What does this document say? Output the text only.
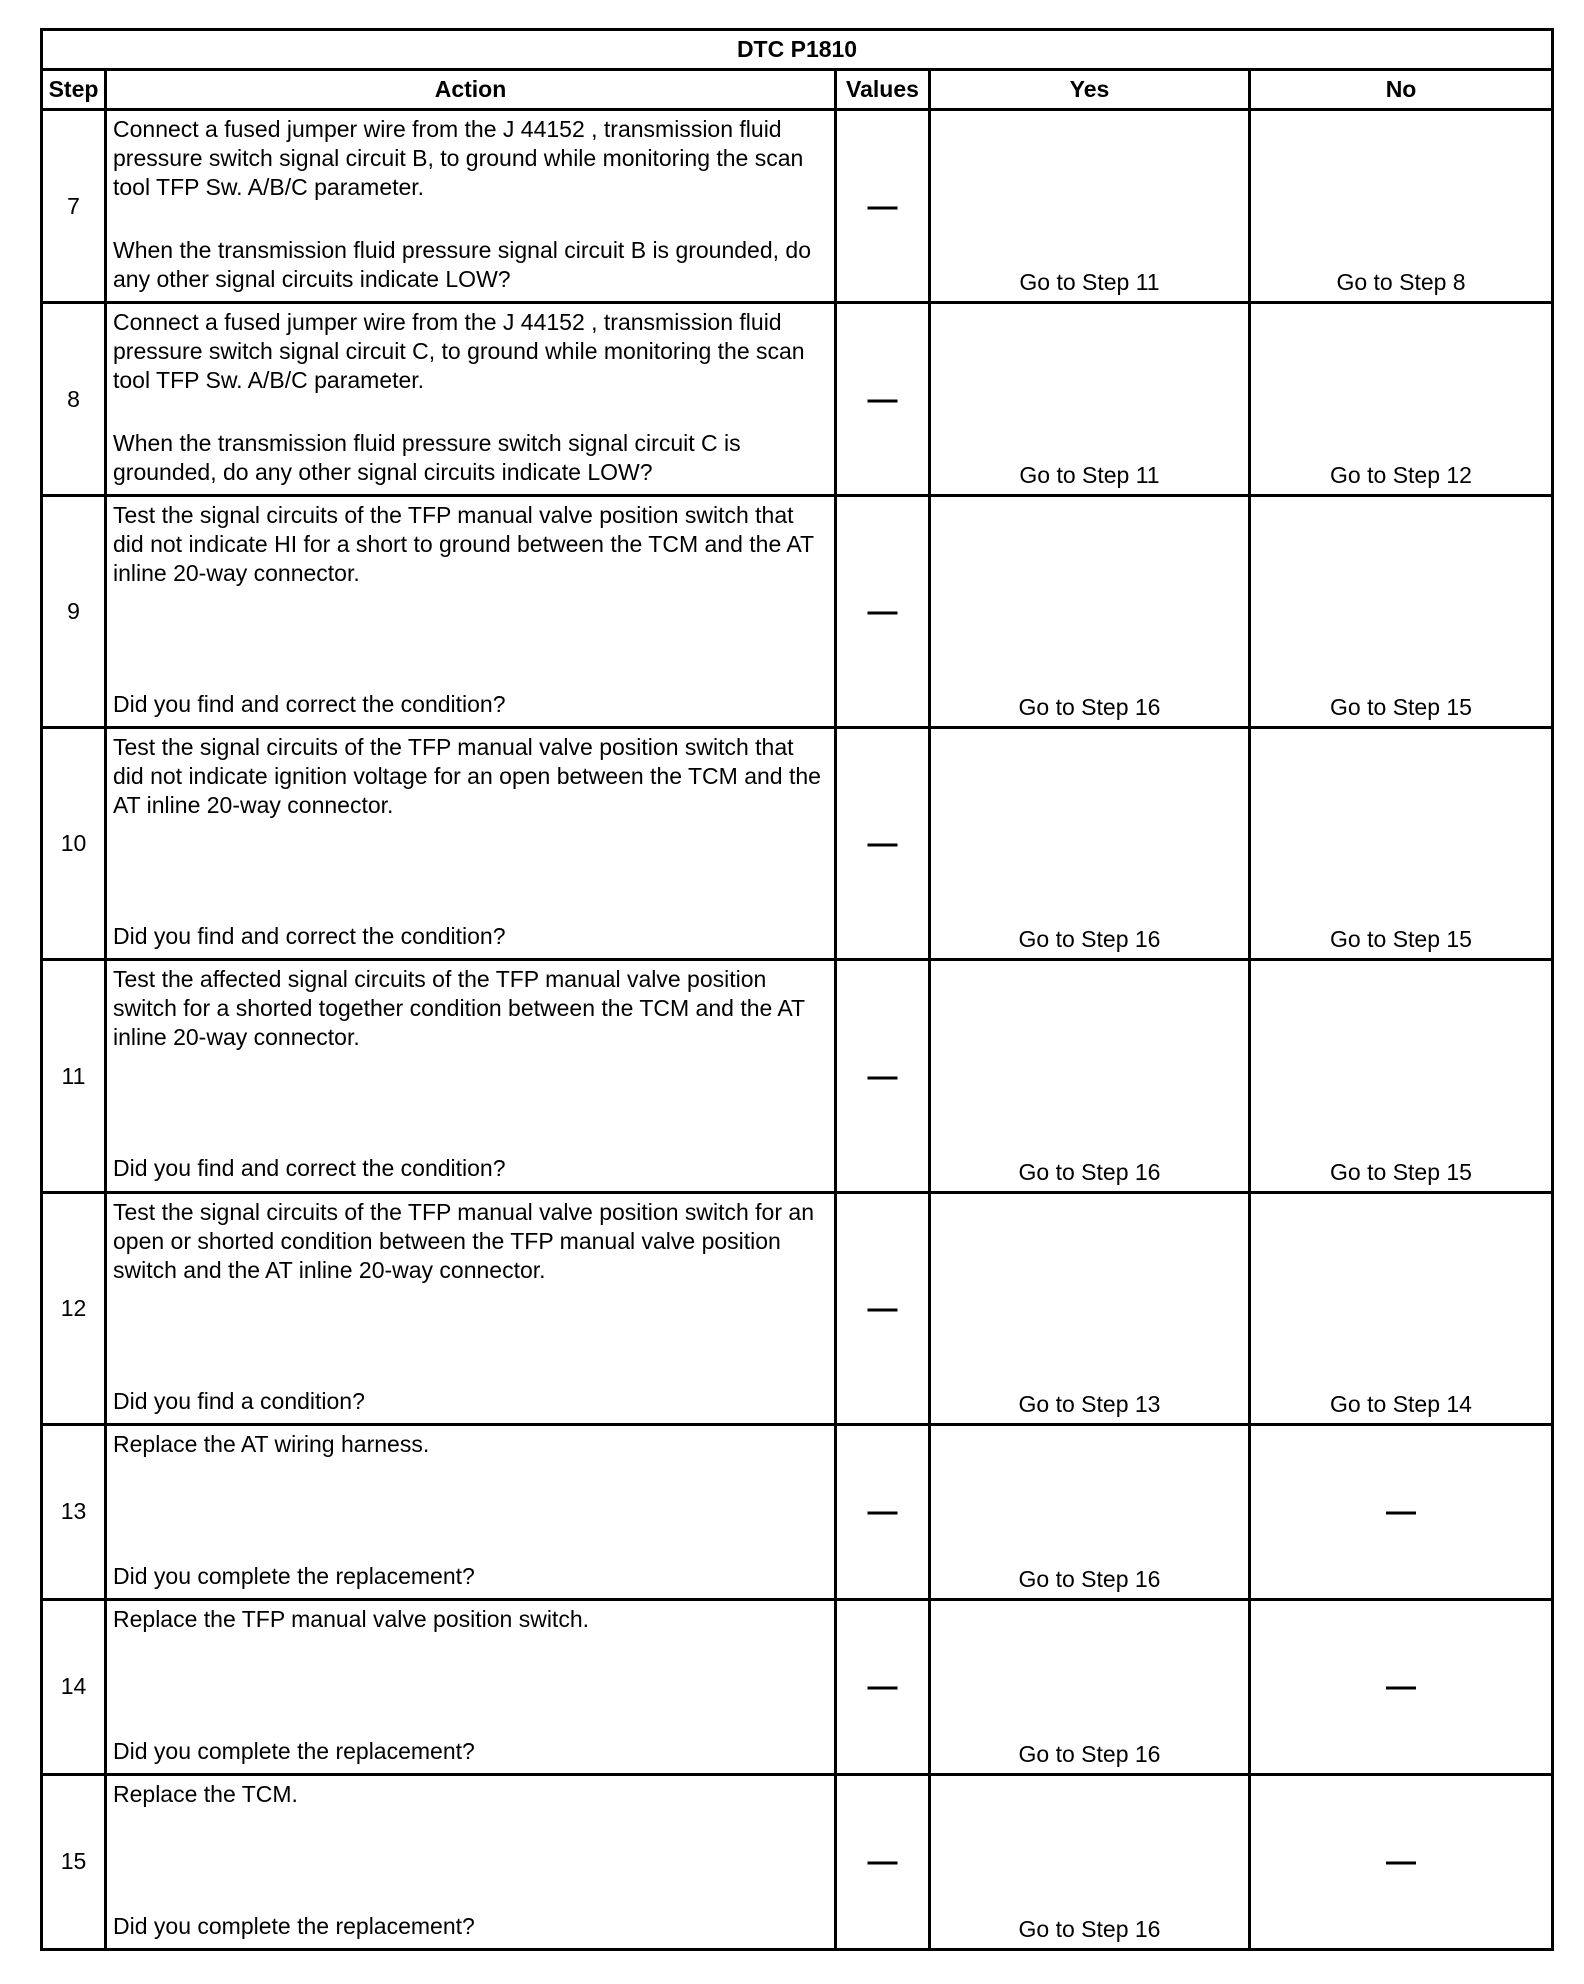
DTC P1810				
Step	Action	Values	Yes	No
7	Connect a fused jumper wire from the J 44152 , transmission fluid pressure switch signal circuit B, to ground while monitoring the scan tool TFP Sw. A/B/C parameter.
When the transmission fluid pressure signal circuit B is grounded, do any other signal circuits indicate LOW?	—	Go to Step 11	Go to Step 8
8	Connect a fused jumper wire from the J 44152 , transmission fluid pressure switch signal circuit C, to ground while monitoring the scan tool TFP Sw. A/B/C parameter.
When the transmission fluid pressure switch signal circuit C is grounded, do any other signal circuits indicate LOW?	—	Go to Step 11	Go to Step 12
9	Test the signal circuits of the TFP manual valve position switch that did not indicate HI for a short to ground between the TCM and the AT inline 20-way connector.
Did you find and correct the condition?	—	Go to Step 16	Go to Step 15
10	Test the signal circuits of the TFP manual valve position switch that did not indicate ignition voltage for an open between the TCM and the AT inline 20-way connector.
Did you find and correct the condition?	—	Go to Step 16	Go to Step 15
11	Test the affected signal circuits of the TFP manual valve position switch for a shorted together condition between the TCM and the AT inline 20-way connector.
Did you find and correct the condition?	—	Go to Step 16	Go to Step 15
12	Test the signal circuits of the TFP manual valve position switch for an open or shorted condition between the TFP manual valve position switch and the AT inline 20-way connector.
Did you find a condition?	—	Go to Step 13	Go to Step 14
13	Replace the AT wiring harness.
Did you complete the replacement?	—	Go to Step 16	—
14	Replace the TFP manual valve position switch.
Did you complete the replacement?	—	Go to Step 16	—
15	Replace the TCM.
Did you complete the replacement?	—	Go to Step 16	—
